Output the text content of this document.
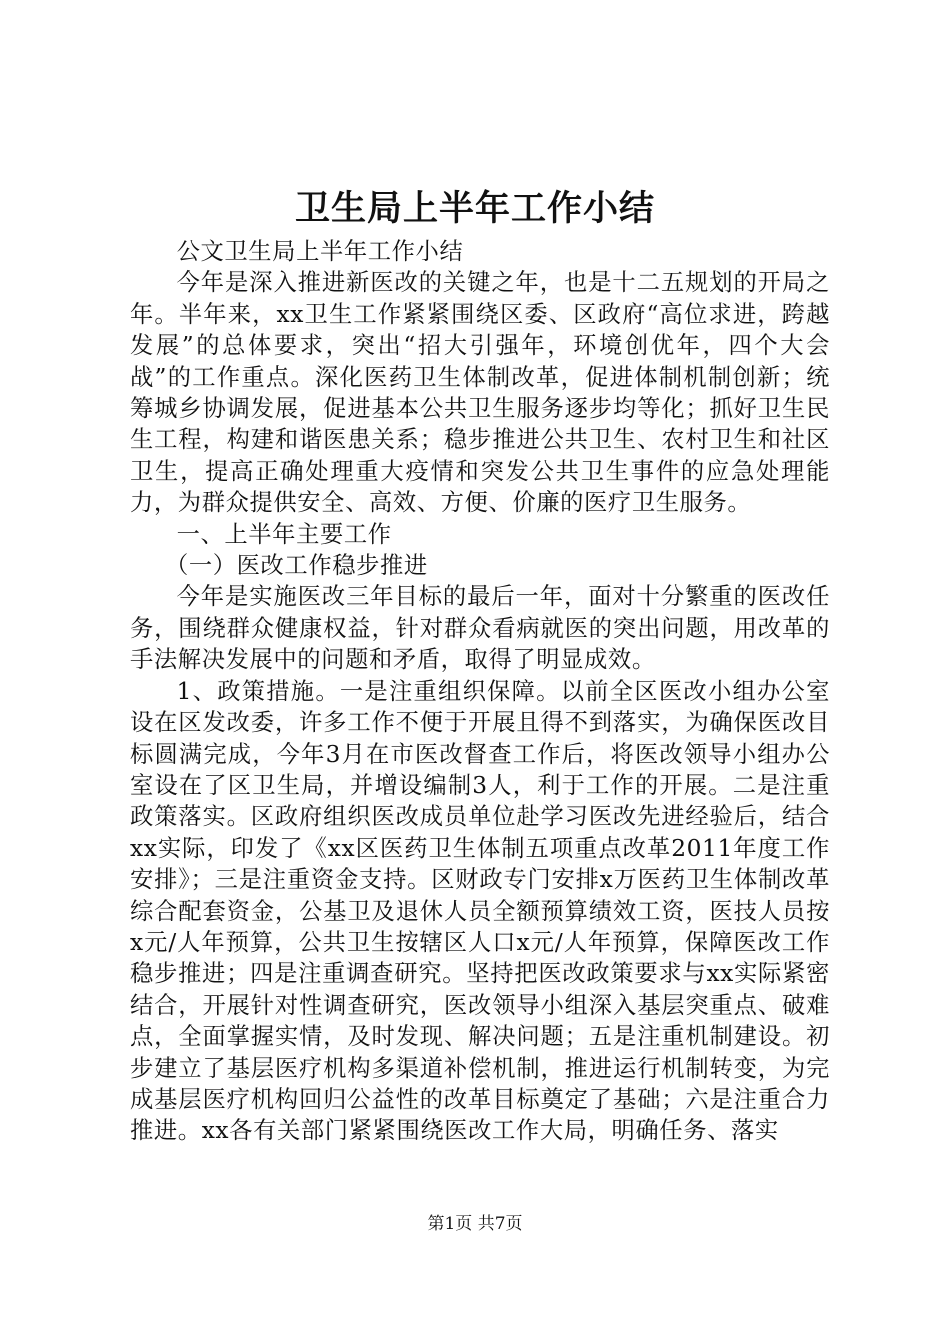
卫生局上半年工作小结

公文卫生局上半年工作小结

今年是深入推进新医改的关键之年，也是十二五规划的开局之年。半年来，xx卫生工作紧紧围绕区委、区政府“高位求进，跨越发展”的总体要求，突出“招大引强年，环境创优年，四个大会战”的工作重点。深化医药卫生体制改革，促进体制机制创新；统筹城乡协调发展，促进基本公共卫生服务逐步均等化；抓好卫生民生工程，构建和谐医患关系；稳步推进公共卫生、农村卫生和社区卫生，提高正确处理重大疫情和突发公共卫生事件的应急处理能力，为群众提供安全、高效、方便、价廉的医疗卫生服务。

一、上半年主要工作

（一）医改工作稳步推进

今年是实施医改三年目标的最后一年，面对十分繁重的医改任务，围绕群众健康权益，针对群众看病就医的突出问题，用改革的手法解决发展中的问题和矛盾，取得了明显成效。

1、政策措施。一是注重组织保障。以前全区医改小组办公室设在区发改委，许多工作不便于开展且得不到落实，为确保医改目标圆满完成，今年3月在市医改督查工作后，将医改领导小组办公室设在了区卫生局，并增设编制3人，利于工作的开展。二是注重政策落实。区政府组织医改成员单位赴学习医改先进经验后，结合xx实际，印发了《xx区医药卫生体制五项重点改革2011年度工作安排》；三是注重资金支持。区财政专门安排x万医药卫生体制改革综合配套资金，公基卫及退休人员全额预算绩效工资，医技人员按x元/人年预算，公共卫生按辖区人口x元/人年预算，保障医改工作稳步推进；四是注重调查研究。坚持把医改政策要求与xx实际紧密结合，开展针对性调查研究，医改领导小组深入基层突重点、破难点，全面掌握实情，及时发现、解决问题；五是注重机制建设。初步建立了基层医疗机构多渠道补偿机制，推进运行机制转变，为完成基层医疗机构回归公益性的改革目标奠定了基础；六是注重合力推进。xx各有关部门紧紧围绕医改工作大局，明确任务、落实

第1页 共7页
